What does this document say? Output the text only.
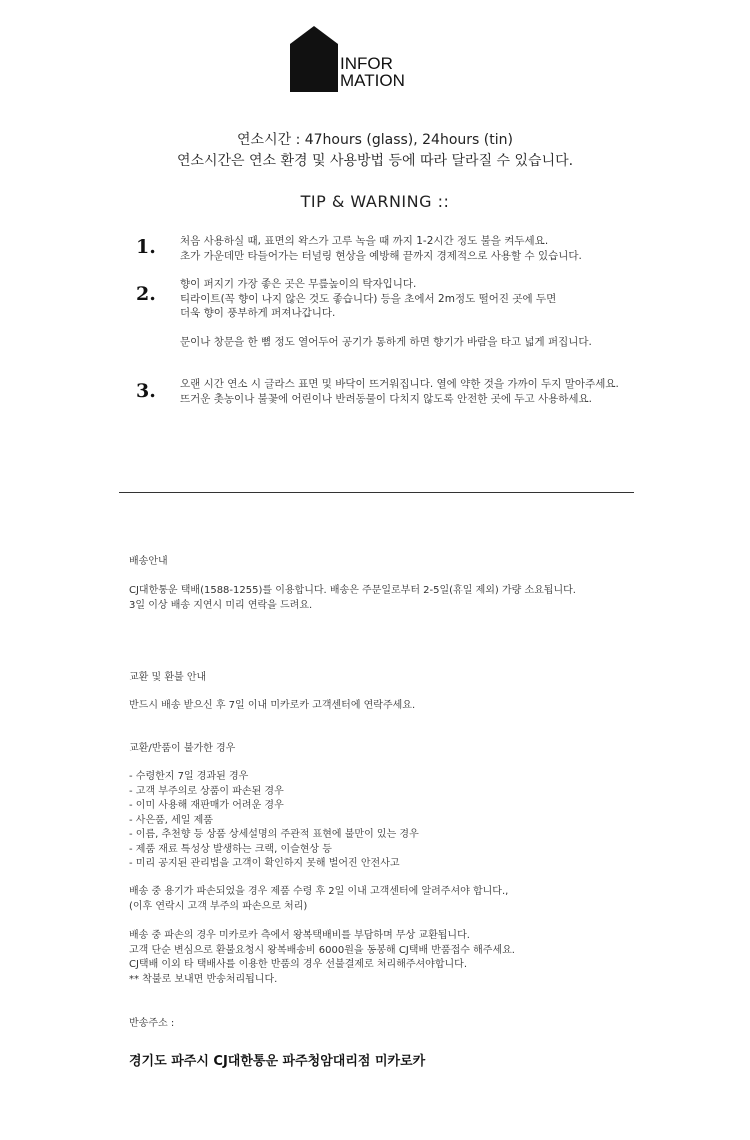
INFOR
MATION
연소시간 : 47hours (glass), 24hours (tin)
연소시간은 연소 환경 및 사용방법 등에 따라 달라질 수 있습니다.
TIP & WARNING ::
1. 처음 사용하실 때, 표면의 왁스가 고루 녹을 때 까지 1-2시간 정도 불을 켜두세요.
초가 가운데만 타들어가는 터널링 현상을 예방해 끝까지 경제적으로 사용할 수 있습니다.
2. 향이 퍼지기 가장 좋은 곳은 무릎높이의 탁자입니다.
티라이트(꼭 향이 나지 않은 것도 좋습니다) 등을 초에서 2m정도 떨어진 곳에 두면
더욱 향이 풍부하게 퍼져나갑니다.
문이나 창문을 한 뼘 정도 열어두어 공기가 통하게 하면 향기가 바람을 타고 넓게 퍼집니다.
3. 오랜 시간 연소 시 글라스 표면 및 바닥이 뜨거워집니다. 열에 약한 것을 가까이 두지 말아주세요.
뜨거운 촛농이나 불꽃에 어린이나 반려동물이 다치지 않도록 안전한 곳에 두고 사용하세요.
배송안내
CJ대한통운 택배(1588-1255)를 이용합니다. 배송은 주문일로부터 2-5일(휴일 제외) 가량 소요됩니다.
3일 이상 배송 지연시 미리 연락을 드려요.
교환 및 환불 안내
반드시 배송 받으신 후 7일 이내 미카로카 고객센터에 연락주세요.
교환/반품이 불가한 경우
- 수령한지 7일 경과된 경우
- 고객 부주의로 상품이 파손된 경우
- 이미 사용해 재판매가 어려운 경우
- 사은품, 세일 제품
- 이름, 추천향 등 상품 상세설명의 주관적 표현에 불만이 있는 경우
- 제품 재료 특성상 발생하는 크랙, 이슬현상 등
- 미리 공지된 관리법을 고객이 확인하지 못해 벌어진 안전사고
배송 중 용기가 파손되었을 경우 제품 수령 후 2일 이내 고객센터에 알려주셔야 합니다.,
(이후 연락시 고객 부주의 파손으로 처리)
배송 중 파손의 경우 미카로카 측에서 왕복택배비를 부담하며 무상 교환됩니다.
고객 단순 변심으로 환불요청시 왕복배송비 6000원을 동봉해 CJ택배 반품접수 해주세요.
CJ택배 이외 타 택배사를 이용한 반품의 경우 선불결제로 처리해주셔야합니다.
** 착불로 보내면 반송처리됩니다.
반송주소 :
경기도 파주시 CJ대한통운 파주청암대리점 미카로카
